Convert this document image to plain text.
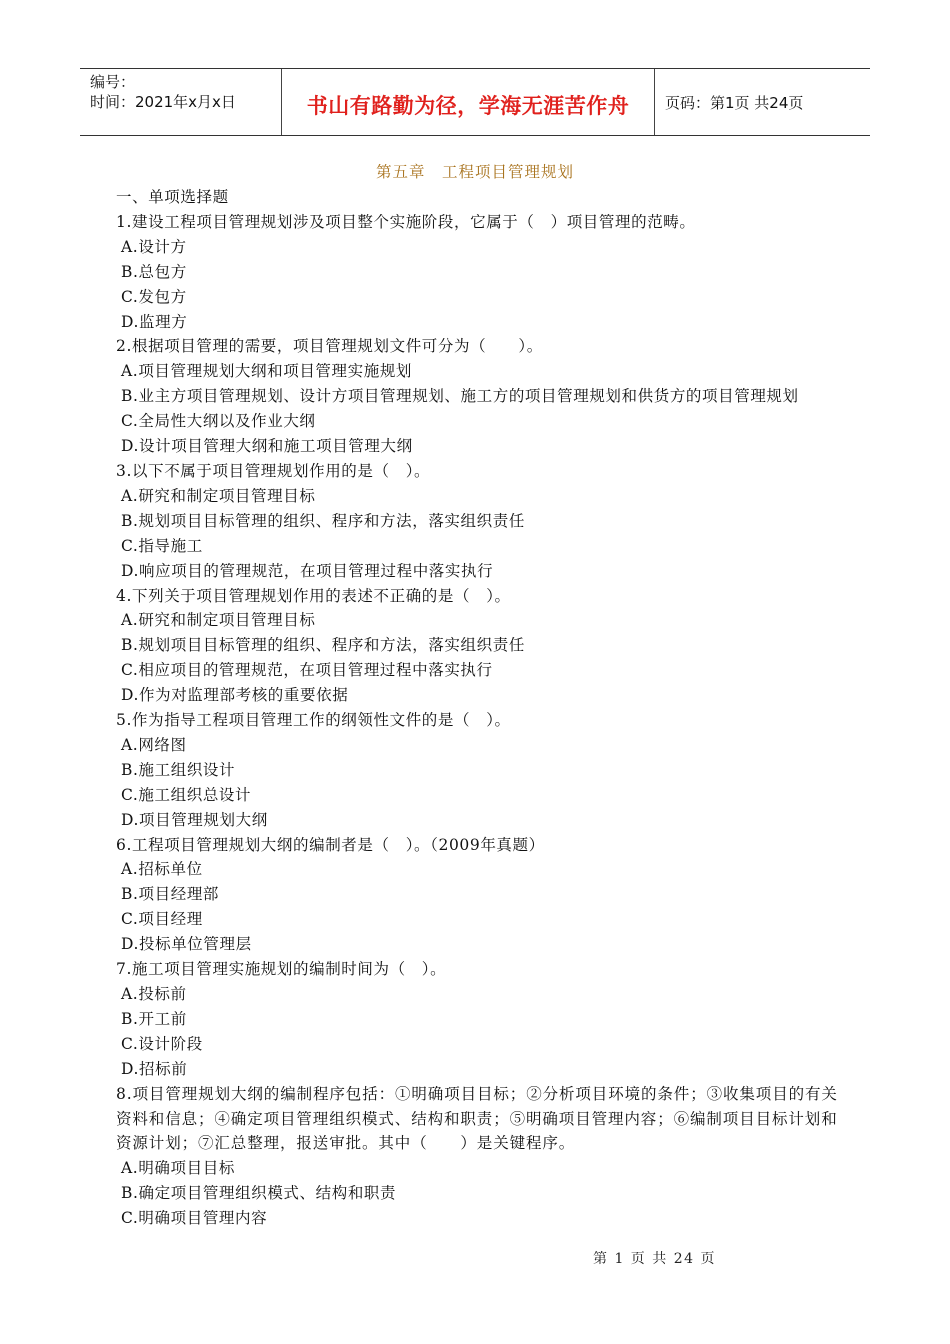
编号：
时间：2021年x月x日	书山有路勤为径，学海无涯苦作舟 页码：第1页 共24页
第五章　工程项目管理规划
一、单项选择题
1.建设工程项目管理规划涉及项目整个实施阶段，它属于（　）项目管理的范畴。
A.设计方
B.总包方
C.发包方
D.监理方
2.根据项目管理的需要，项目管理规划文件可分为（　　）。
A.项目管理规划大纲和项目管理实施规划
B.业主方项目管理规划、设计方项目管理规划、施工方的项目管理规划和供货方的项目管理规划
C.全局性大纲以及作业大纲
D.设计项目管理大纲和施工项目管理大纲
3.以下不属于项目管理规划作用的是（　）。
A.研究和制定项目管理目标
B.规划项目目标管理的组织、程序和方法，落实组织责任
C.指导施工
D.响应项目的管理规范，在项目管理过程中落实执行
4.下列关于项目管理规划作用的表述不正确的是（　）。
A.研究和制定项目管理目标
B.规划项目目标管理的组织、程序和方法，落实组织责任
C.相应项目的管理规范，在项目管理过程中落实执行
D.作为对监理部考核的重要依据
5.作为指导工程项目管理工作的纲领性文件的是（　）。
A.网络图
B.施工组织设计
C.施工组织总设计
D.项目管理规划大纲
6.工程项目管理规划大纲的编制者是（　）。（2009年真题）
A.招标单位
B.项目经理部
C.项目经理
D.投标单位管理层
7.施工项目管理实施规划的编制时间为（　）。
A.投标前
B.开工前
C.设计阶段
D.招标前
8.项目管理规划大纲的编制程序包括：①明确项目目标；②分析项目环境的条件；③收集项目的有关资料和信息；④确定项目管理组织模式、结构和职责；⑤明确项目管理内容；⑥编制项目目标计划和资源计划；⑦汇总整理，报送审批。其中（　　）是关键程序。
A.明确项目目标
B.确定项目管理组织模式、结构和职责
C.明确项目管理内容
第 1 页 共 24 页
